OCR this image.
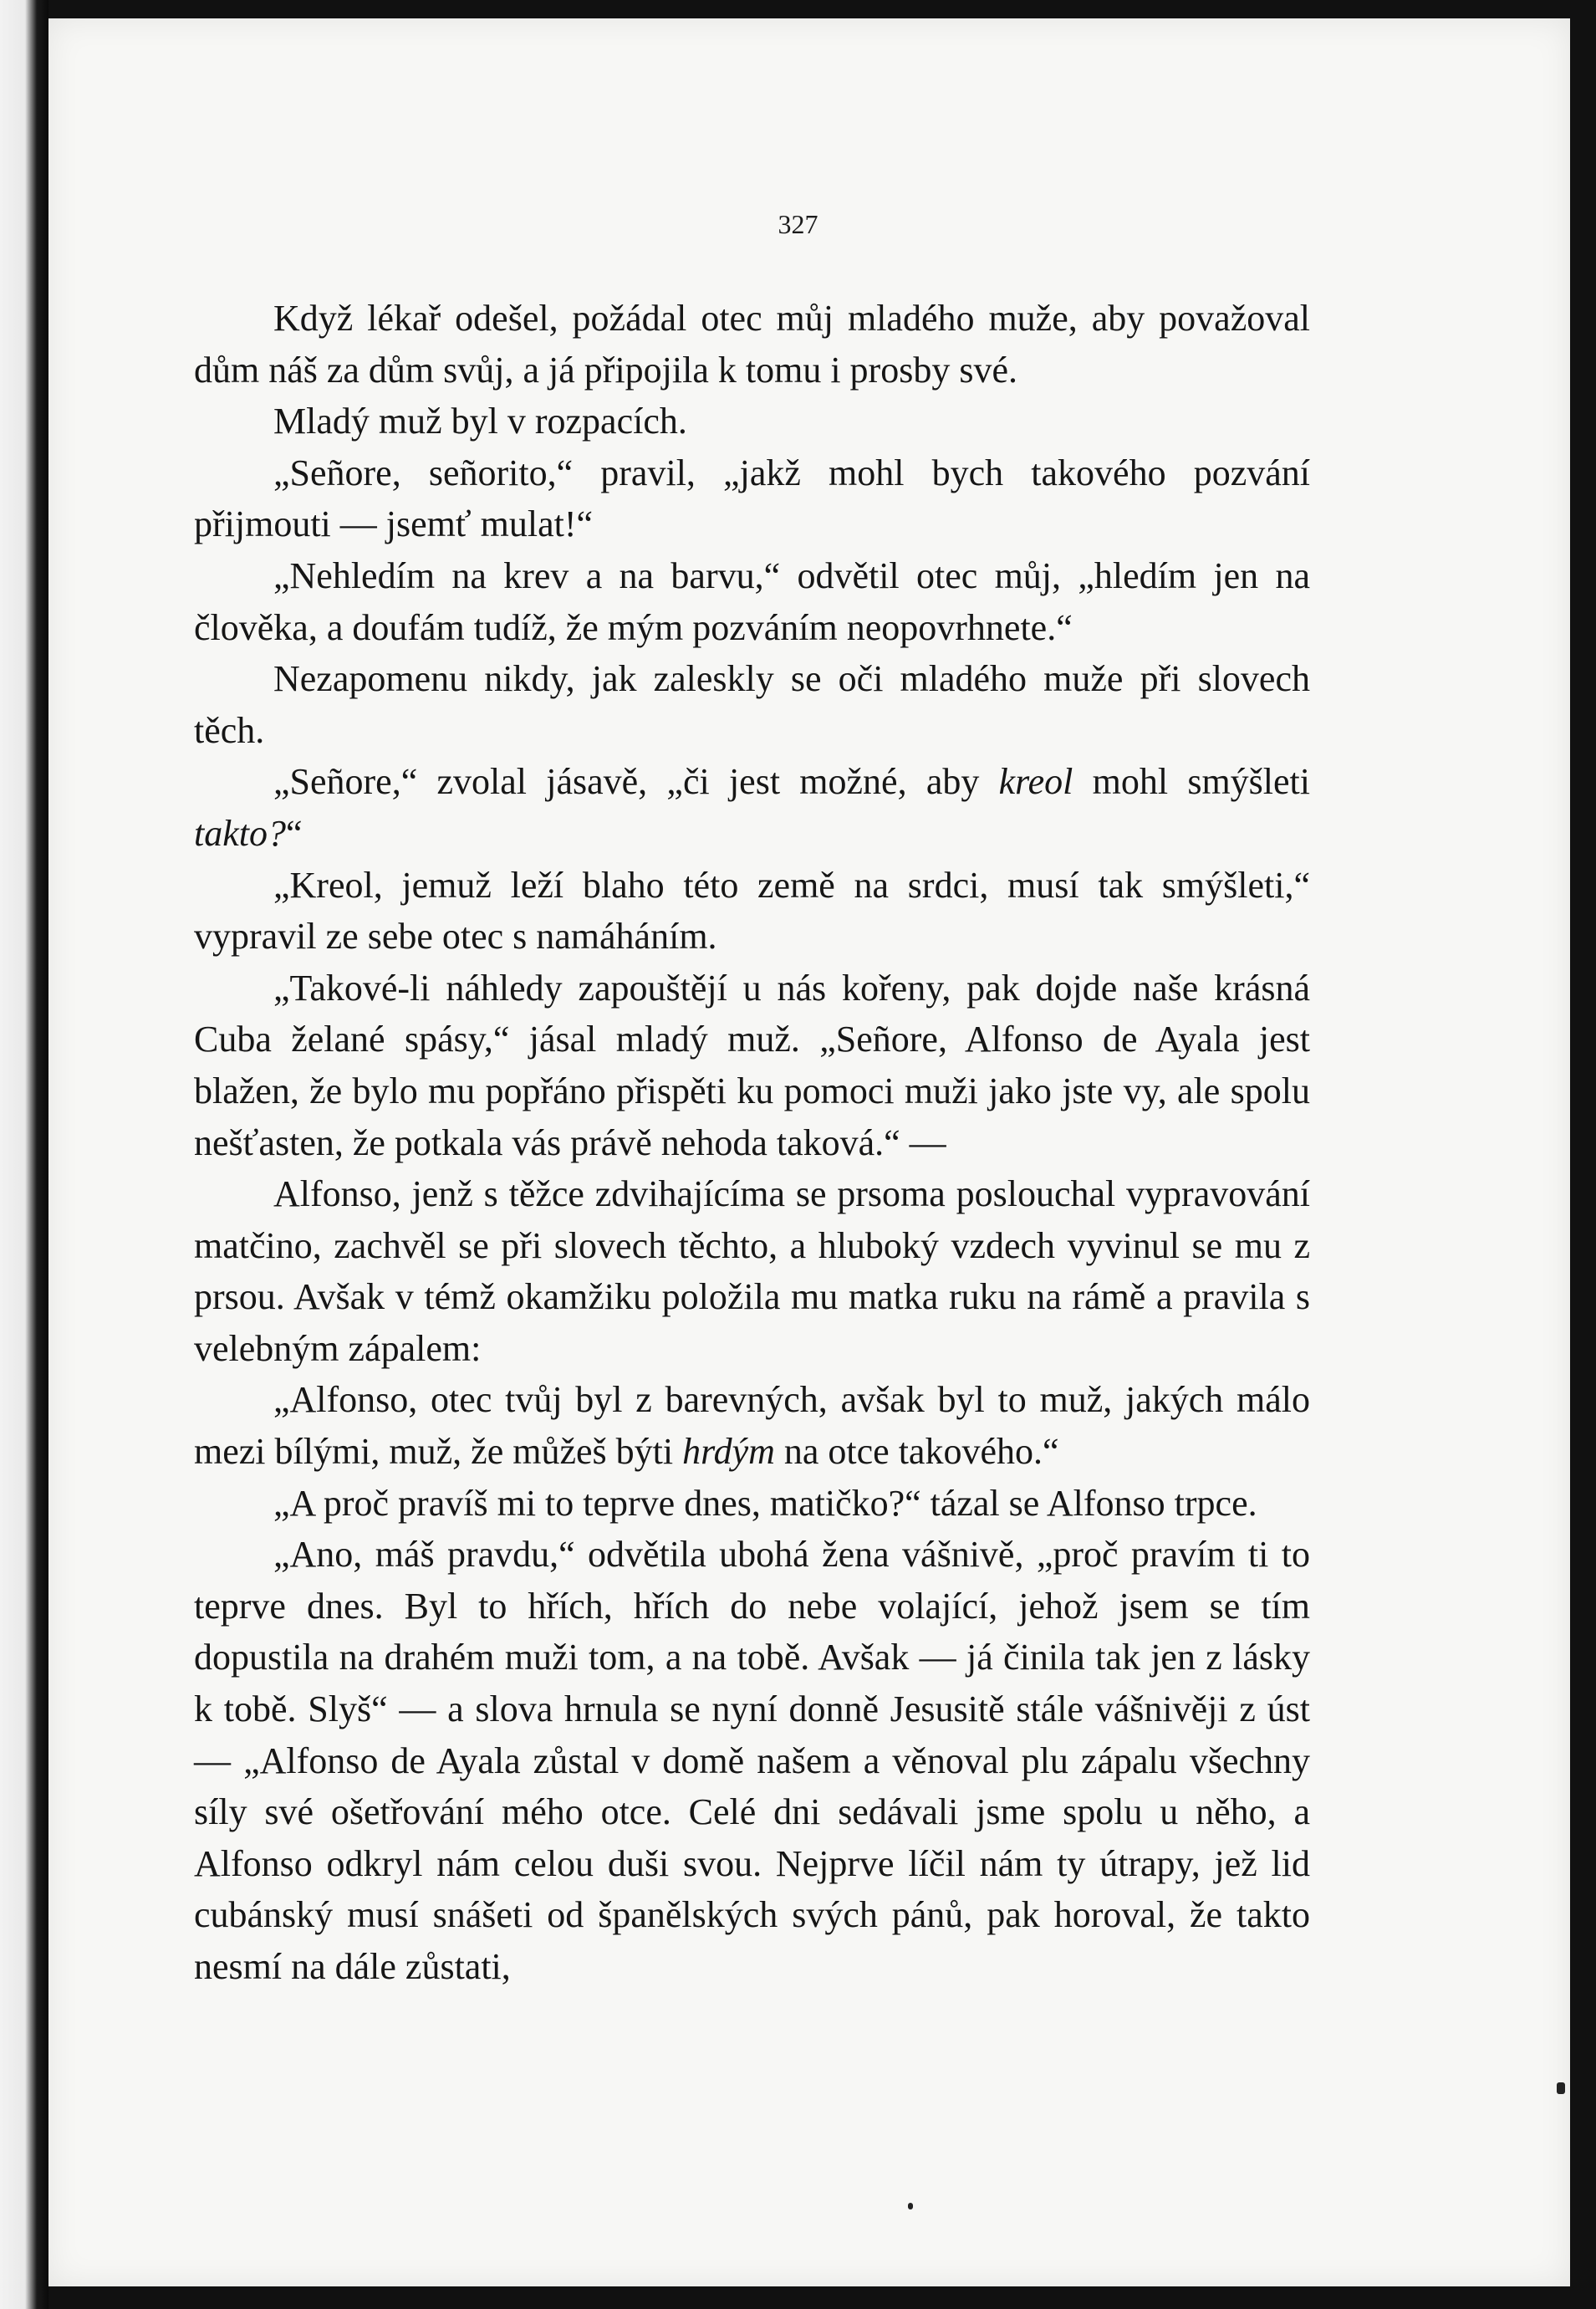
327

Když lékař odešel, požádal otec můj mladého muže, aby považoval dům náš za dům svůj, a já připojila k tomu i prosby své.

Mladý muž byl v rozpacích.

„Señore, señorito,“ pravil, „jakž mohl bych takového pozvání přijmouti — jsemť mulat!“

„Nehledím na krev a na barvu,“ odvětil otec můj, „hledím jen na člověka, a doufám tudíž, že mým pozváním neopovrhnete.“

Nezapomenu nikdy, jak zaleskly se oči mladého muže při slovech těch.

„Señore,“ zvolal jásavě, „či jest možné, aby kreol mohl smýšleti takto?“

„Kreol, jemuž leží blaho této země na srdci, musí tak smýšleti,“ vypravil ze sebe otec s namáháním.

„Takové-li náhledy zapouštějí u nás kořeny, pak dojde naše krásná Cuba želané spásy,“ jásal mladý muž. „Señore, Alfonso de Ayala jest blažen, že bylo mu popřáno přispěti ku pomoci muži jako jste vy, ale spolu nešťasten, že potkala vás právě nehoda taková.“ —

Alfonso, jenž s těžce zdvihajícíma se prsoma poslouchal vypravování matčino, zachvěl se při slovech těchto, a hluboký vzdech vyvinul se mu z prsou. Avšak v témž okamžiku položila mu matka ruku na rámě a pravila s velebným zápalem:

„Alfonso, otec tvůj byl z barevných, avšak byl to muž, jakých málo mezi bílými, muž, že můžeš býti hrdým na otce takového.“

„A proč pravíš mi to teprve dnes, matičko?“ tázal se Alfonso trpce.

„Ano, máš pravdu,“ odvětila ubohá žena vášnivě, „proč pravím ti to teprve dnes. Byl to hřích, hřích do nebe volající, jehož jsem se tím dopustila na drahém muži tom, a na tobě. Avšak — já činila tak jen z lásky k tobě. Slyš“ — a slova hrnula se nyní donně Jesusitě stále vášnivěji z úst — „Alfonso de Ayala zůstal v domě našem a věnoval plu zápalu všechny síly své ošetřování mého otce. Celé dni sedávali jsme spolu u něho, a Alfonso odkryl nám celou duši svou. Nejprve líčil nám ty útrapy, jež lid cubánský musí snášeti od španělských svých pánů, pak horoval, že takto nesmí na dále zůstati,
